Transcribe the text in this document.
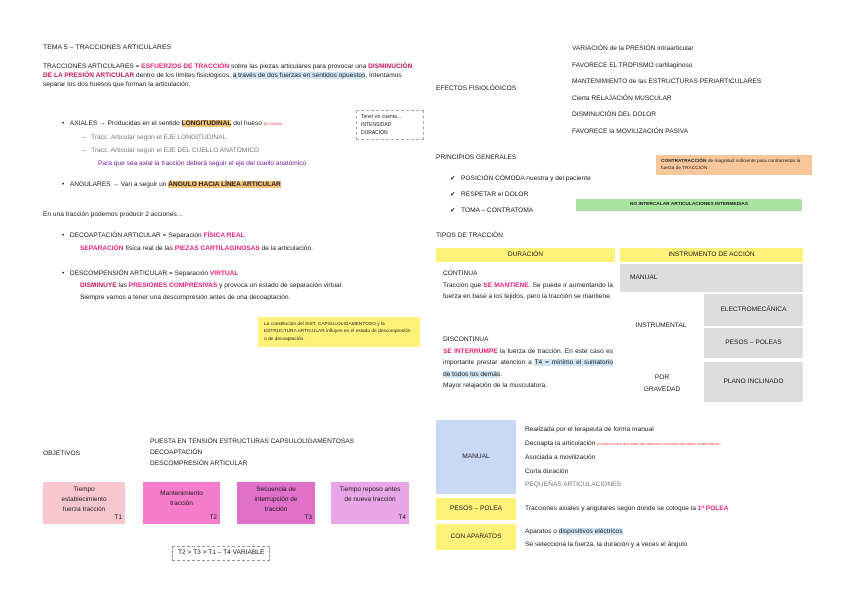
TEMA 5 – TRACCIONES ARTICULARES
TRACCIONES ARTICULARES = ESFUERZOS DE TRACCIÓN sobre las piezas articulares para provocar una DISMINUCIÓN DE LA PRESIÓN ARTICULAR dentro de los límites fisiológicos, a través de dos fuerzas en sentidos opuestos. Intentamos separar los dos huesos que forman la articulación.
•   AXIALES → Producidas en el sentido LONGITUDINAL del hueso (ECOAXIA)
–   Tracc. Articular según el EJE LONGITUDINAL
–   Tracc. Articular según el EJE DEL CUELLO ANATÓMICO
Para que sea axial la tracción deberá seguir el eje del cuello anatómico
Tener en cuenta...
INTENSIDAD
DURACIÓN
•   ANGULARES → Van a seguir un ÁNGULO HACIA LÍNEA ARTICULAR
En una tracción podemos producir 2 acciones…
•   DECOAPTACIÓN ARTICULAR = Separación FÍSICA REAL
SEPARACIÓN física real de las PIEZAS CARTILAGINOSAS de la articulación.
•   DESCOMPENSIÓN ARTICULAR = Separación VIRTUAL
DISMINUYE las PRESIONES COMPRESIVAS y provoca un estado de separación virtual.
Siempre vamos a tener una descompresión antes de una decoaptación.
La constitución del SIST. CAPSULOLIGAMENTOSO y la ESTRUCTURA ARTICULAR influyen en el estado de descompresión o de decoaptación.
OBJETIVOS
PUESTA EN TENSIÓN ESTRUCTURAS CAPSULOLIGAMENTOSAS
DECOAPTACIÓN
DESCOMPRESIÓN ARTICULAR
Tiempo establecimiento fuerza tracción
T1
Mantenimiento tracción
T2
Secuencia de interrupción de tracción
T3
Tiempo reposo antes de nueva tracción
T4
T2 > T3 > T1 – T4 VARIABLE
EFECTOS FISIOLÓGICOS
VARIACIÓN de la PRESIÓN intraarticular
FAVORECE EL TROFISMO cartilaginoso
MANTENIMIENTO de las ESTRUCTURAS PERIARTICULARES
Cierta RELAJACIÓN MUSCULAR
DISMINUCIÓN DEL DOLOR
FAVORECE la MOVILIZACIÓN PASIVA
PRINCIPIOS GENERALES
✔ POSICIÓN CÓMODA nuestra y del paciente
✔ RESPETAR el DOLOR
✔ TOMA – CONTRATOMA
CONTRATRACCIÓN de magnitud suficiente para contrarrestar la fuerza de TRACCIÓN
NO INTERCALAR ARTICULACIONES INTERMEDIAS
TIPOS DE TRACCIÓN
DURACIÓN	INSTRUMENTO DE ACCIÓN
CONTINUA
Tracción que SE MANTIENE. Se puede ir aumentando la fuerza en base a los tejidos, pero la tracción se mantiene.
DISCONTINUA
SE INTERRUMPE la fuerza de tracción. En este caso es importante prestar atención a T4 = mínimo el sumatorio de todos los demás.
Mayor relajación de la musculatura.
MANUAL
INSTRUMENTAL
ELECTROMECÁNICA
PESOS – POLEAS
POR GRAVEDAD
PLANO INCLINADO
MANUAL
Realizada por el terapeuta de forma manual
Decoapta la articulación (no quiere decir que todas las tracciones manuales decoapten la articulación)
Asociada a movilización
Corta duración
PEQUEÑAS ARTICULACIONES
PESOS – POLEA	Tracciones axiales y angulares según donde se coloque la 1ª POLEA
CON APARATOS
Aparatos o dispositivos eléctricos
Se selecciona la fuerza, la duración y a veces el ángulo
